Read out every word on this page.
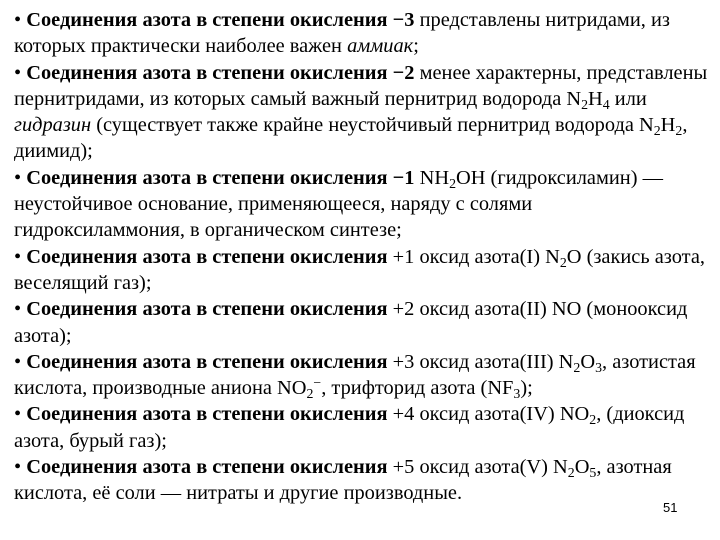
• Соединения азота в степени окисления −3 представлены нитридами, из которых практически наиболее важен аммиак;

• Соединения азота в степени окисления −2 менее характерны, представлены пернитридами, из которых самый важный пернитрид водорода $N_2H_4$ или гидразин (существует также крайне неустойчивый пернитрид водорода $N_2H_2$, диимид);

• Соединения азота в степени окисления −1 $NH_2OH$ (гидроксиламин) — неустойчивое основание, применяющееся, наряду с солями гидроксиламмония, в органическом синтезе;

• Соединения азота в степени окисления +1 оксид азота(I) $N_2O$ (закись азота, веселящий газ);

• Соединения азота в степени окисления +2 оксид азота(II) NO (монооксид азота);

• Соединения азота в степени окисления +3 оксид азота(III) $N_2O_3$, азотистая кислота, производные аниона $NO_2^-$, трифторид азота $(NF_3)$;

• Соединения азота в степени окисления +4 оксид азота(IV) $NO_2$, (диоксид азота, бурый газ);

• Соединения азота в степени окисления +5 оксид азота(V) $N_2O_5$, азотная кислота, её соли — нитраты и другие производные.

51
